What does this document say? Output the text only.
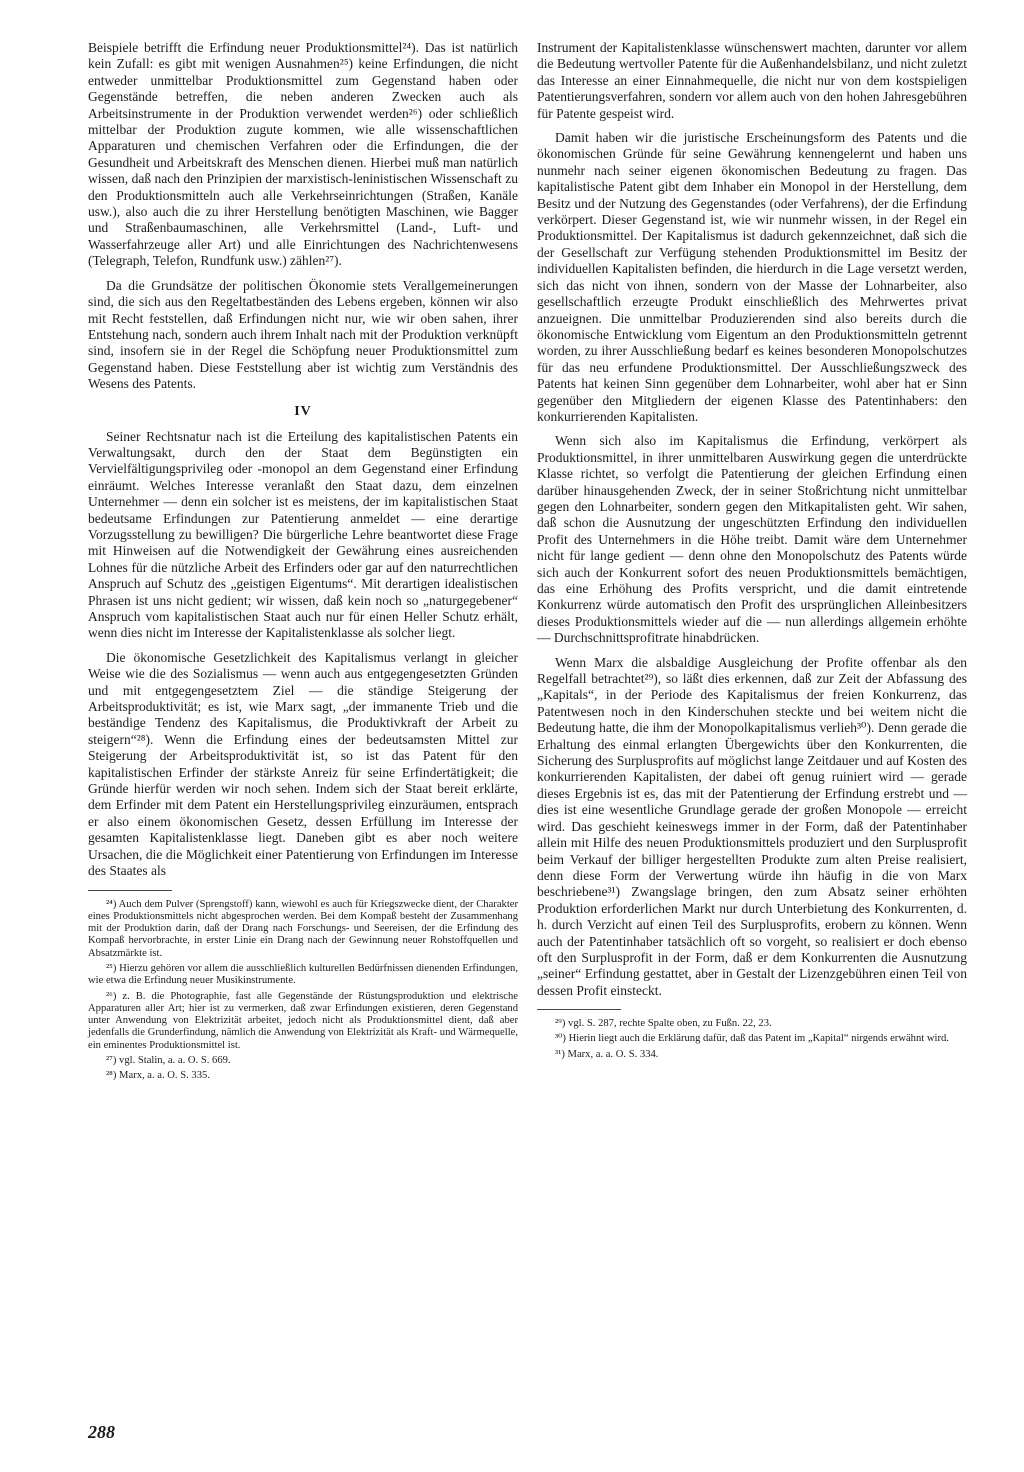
Beispiele betrifft die Erfindung neuer Produktionsmittel²⁴). Das ist natürlich kein Zufall: es gibt mit wenigen Ausnahmen²⁵) keine Erfindungen, die nicht entweder unmittelbar Produktionsmittel zum Gegenstand haben oder Gegenstände betreffen, die neben anderen Zwecken auch als Arbeitsinstrumente in der Produktion verwendet werden²⁶) oder schließlich mittelbar der Produktion zugute kommen, wie alle wissenschaftlichen Apparaturen und chemischen Verfahren oder die Erfindungen, die der Gesundheit und Arbeitskraft des Menschen dienen. Hierbei muß man natürlich wissen, daß nach den Prinzipien der marxistisch-leninistischen Wissenschaft zu den Produktionsmitteln auch alle Verkehrseinrichtungen (Straßen, Kanäle usw.), also auch die zu ihrer Herstellung benötigten Maschinen, wie Bagger und Straßenbaumaschinen, alle Verkehrsmittel (Land-, Luft- und Wasserfahrzeuge aller Art) und alle Einrichtungen des Nachrichtenwesens (Telegraph, Telefon, Rundfunk usw.) zählen²⁷).

Da die Grundsätze der politischen Ökonomie stets Verallgemeinerungen sind, die sich aus den Regeltatbeständen des Lebens ergeben, können wir also mit Recht feststellen, daß Erfindungen nicht nur, wie wir oben sahen, ihrer Entstehung nach, sondern auch ihrem Inhalt nach mit der Produktion verknüpft sind, insofern sie in der Regel die Schöpfung neuer Produktionsmittel zum Gegenstand haben. Diese Feststellung aber ist wichtig zum Verständnis des Wesens des Patents.

IV

Seiner Rechtsnatur nach ist die Erteilung des kapitalistischen Patents ein Verwaltungsakt, durch den der Staat dem Begünstigten ein Vervielfältigungsprivileg oder -monopol an dem Gegenstand einer Erfindung einräumt. Welches Interesse veranlaßt den Staat dazu, dem einzelnen Unternehmer — denn ein solcher ist es meistens, der im kapitalistischen Staat bedeutsame Erfindungen zur Patentierung anmeldet — eine derartige Vorzugsstellung zu bewilligen? Die bürgerliche Lehre beantwortet diese Frage mit Hinweisen auf die Notwendigkeit der Gewährung eines ausreichenden Lohnes für die nützliche Arbeit des Erfinders oder gar auf den naturrechtlichen Anspruch auf Schutz des „geistigen Eigentums“. Mit derartigen idealistischen Phrasen ist uns nicht gedient; wir wissen, daß kein noch so „naturgegebener“ Anspruch vom kapitalistischen Staat auch nur für einen Heller Schutz erhält, wenn dies nicht im Interesse der Kapitalistenklasse als solcher liegt.

Die ökonomische Gesetzlichkeit des Kapitalismus verlangt in gleicher Weise wie die des Sozialismus — wenn auch aus entgegengesetzten Gründen und mit entgegengesetztem Ziel — die ständige Steigerung der Arbeitsproduktivität; es ist, wie Marx sagt, „der immanente Trieb und die beständige Tendenz des Kapitalismus, die Produktivkraft der Arbeit zu steigern“²⁸). Wenn die Erfindung eines der bedeutsamsten Mittel zur Steigerung der Arbeitsproduktivität ist, so ist das Patent für den kapitalistischen Erfinder der stärkste Anreiz für seine Erfindertätigkeit; die Gründe hierfür werden wir noch sehen. Indem sich der Staat bereit erklärte, dem Erfinder mit dem Patent ein Herstellungsprivileg einzuräumen, entsprach er also einem ökonomischen Gesetz, dessen Erfüllung im Interesse der gesamten Kapitalistenklasse liegt. Daneben gibt es aber noch weitere Ursachen, die die Möglichkeit einer Patentierung von Erfindungen im Interesse des Staates als

²⁴) Auch dem Pulver (Sprengstoff) kann, wiewohl es auch für Kriegszwecke dient, der Charakter eines Produktionsmittels nicht abgesprochen werden. Bei dem Kompaß besteht der Zusammenhang mit der Produktion darin, daß der Drang nach Forschungs- und Seereisen, der die Erfindung des Kompaß hervorbrachte, in erster Linie ein Drang nach der Gewinnung neuer Rohstoffquellen und Absatzmärkte ist.

²⁵) Hierzu gehören vor allem die ausschließlich kulturellen Bedürfnissen dienenden Erfindungen, wie etwa die Erfindung neuer Musikinstrumente.

²⁶) z. B. die Photographie, fast alle Gegenstände der Rüstungsproduktion und elektrische Apparaturen aller Art; hier ist zu vermerken, daß zwar Erfindungen existieren, deren Gegenstand unter Anwendung von Elektrizität arbeitet, jedoch nicht als Produktionsmittel dient, daß aber jedenfalls die Grunderfindung, nämlich die Anwendung von Elektrizität als Kraft- und Wärmequelle, ein eminentes Produktionsmittel ist.

²⁷) vgl. Stalin, a. a. O. S. 669.

²⁸) Marx, a. a. O. S. 335.

Instrument der Kapitalistenklasse wünschenswert machten, darunter vor allem die Bedeutung wertvoller Patente für die Außenhandelsbilanz, und nicht zuletzt das Interesse an einer Einnahmequelle, die nicht nur von dem kostspieligen Patentierungsverfahren, sondern vor allem auch von den hohen Jahresgebühren für Patente gespeist wird.

Damit haben wir die juristische Erscheinungsform des Patents und die ökonomischen Gründe für seine Gewährung kennengelernt und haben uns nunmehr nach seiner eigenen ökonomischen Bedeutung zu fragen. Das kapitalistische Patent gibt dem Inhaber ein Monopol in der Herstellung, dem Besitz und der Nutzung des Gegenstandes (oder Verfahrens), der die Erfindung verkörpert. Dieser Gegenstand ist, wie wir nunmehr wissen, in der Regel ein Produktionsmittel. Der Kapitalismus ist dadurch gekennzeichnet, daß sich die der Gesellschaft zur Verfügung stehenden Produktionsmittel im Besitz der individuellen Kapitalisten befinden, die hierdurch in die Lage versetzt werden, sich das nicht von ihnen, sondern von der Masse der Lohnarbeiter, also gesellschaftlich erzeugte Produkt einschließlich des Mehrwertes privat anzueignen. Die unmittelbar Produzierenden sind also bereits durch die ökonomische Entwicklung vom Eigentum an den Produktionsmitteln getrennt worden, zu ihrer Ausschließung bedarf es keines besonderen Monopolschutzes für das neu erfundene Produktionsmittel. Der Ausschließungszweck des Patents hat keinen Sinn gegenüber dem Lohnarbeiter, wohl aber hat er Sinn gegenüber den Mitgliedern der eigenen Klasse des Patentinhabers: den konkurrierenden Kapitalisten.

Wenn sich also im Kapitalismus die Erfindung, verkörpert als Produktionsmittel, in ihrer unmittelbaren Auswirkung gegen die unterdrückte Klasse richtet, so verfolgt die Patentierung der gleichen Erfindung einen darüber hinausgehenden Zweck, der in seiner Stoßrichtung nicht unmittelbar gegen den Lohnarbeiter, sondern gegen den Mitkapitalisten geht. Wir sahen, daß schon die Ausnutzung der ungeschützten Erfindung den individuellen Profit des Unternehmers in die Höhe treibt. Damit wäre dem Unternehmer nicht für lange gedient — denn ohne den Monopolschutz des Patents würde sich auch der Konkurrent sofort des neuen Produktionsmittels bemächtigen, das eine Erhöhung des Profits verspricht, und die damit eintretende Konkurrenz würde automatisch den Profit des ursprünglichen Alleinbesitzers dieses Produktionsmittels wieder auf die — nun allerdings allgemein erhöhte — Durchschnittsprofitrate hinabdrücken.

Wenn Marx die alsbaldige Ausgleichung der Profite offenbar als den Regelfall betrachtet²⁹), so läßt dies erkennen, daß zur Zeit der Abfassung des „Kapitals“, in der Periode des Kapitalismus der freien Konkurrenz, das Patentwesen noch in den Kinderschuhen steckte und bei weitem nicht die Bedeutung hatte, die ihm der Monopolkapitalismus verlieh³⁰). Denn gerade die Erhaltung des einmal erlangten Übergewichts über den Konkurrenten, die Sicherung des Surplusprofits auf möglichst lange Zeitdauer und auf Kosten des konkurrierenden Kapitalisten, der dabei oft genug ruiniert wird — gerade dieses Ergebnis ist es, das mit der Patentierung der Erfindung erstrebt und — dies ist eine wesentliche Grundlage gerade der großen Monopole — erreicht wird. Das geschieht keineswegs immer in der Form, daß der Patentinhaber allein mit Hilfe des neuen Produktionsmittels produziert und den Surplusprofit beim Verkauf der billiger hergestellten Produkte zum alten Preise realisiert, denn diese Form der Verwertung würde ihn häufig in die von Marx beschriebene³¹) Zwangslage bringen, den zum Absatz seiner erhöhten Produktion erforderlichen Markt nur durch Unterbietung des Konkurrenten, d. h. durch Verzicht auf einen Teil des Surplusprofits, erobern zu können. Wenn auch der Patentinhaber tatsächlich oft so vorgeht, so realisiert er doch ebenso oft den Surplusprofit in der Form, daß er dem Konkurrenten die Ausnutzung „seiner“ Erfindung gestattet, aber in Gestalt der Lizenzgebühren einen Teil von dessen Profit einsteckt.

²⁹) vgl. S. 287, rechte Spalte oben, zu Fußn. 22, 23.

³⁰) Hierin liegt auch die Erklärung dafür, daß das Patent im „Kapital“ nirgends erwähnt wird.

³¹) Marx, a. a. O. S. 334.

288
